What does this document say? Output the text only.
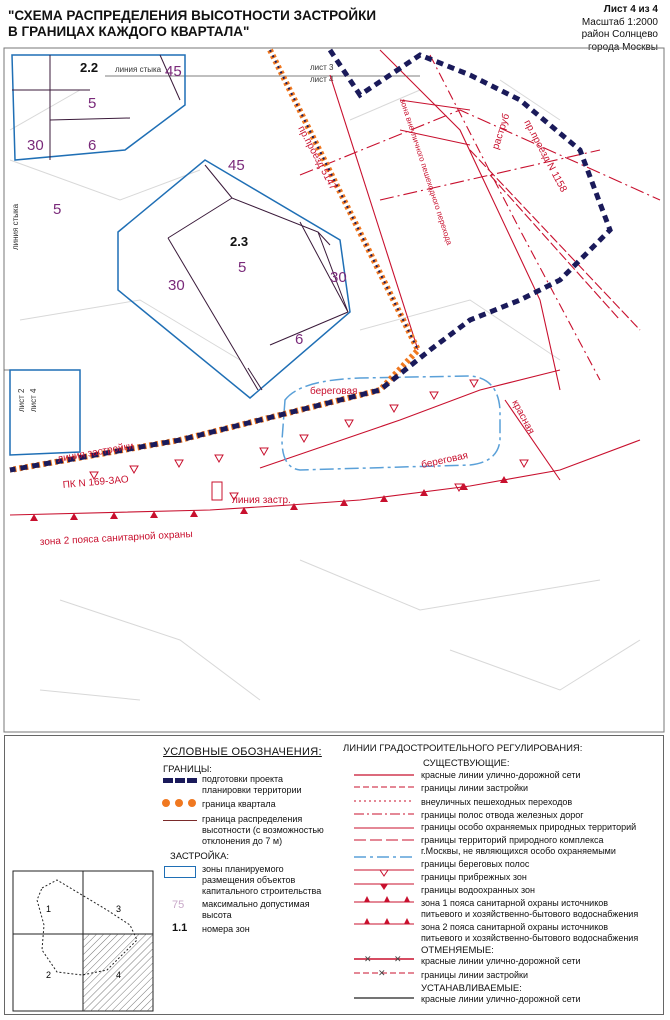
"СХЕМА РАСПРЕДЕЛЕНИЯ ВЫСОТНОСТИ ЗАСТРОЙКИ В ГРАНИЦАХ КАЖДОГО КВАРТАЛА"
Лист 4 из 4
Масштаб 1:2000
район Солнцево
города Москвы
45
5
30	6
5
45
5
30	30
6
2.2
2.3
линия стыка	лист 3
лист 4
линия стыка
лист 2 лист 4
пр.проезд 5147	пр.проезд N 1158
раструб
зона внеуличного пешеходного перехода
береговая
береговая
красная
линия застройки
линия застр.
ПК N 169-ЗАО
зона 2 пояса санитарной охраны
УСЛОВНЫЕ ОБОЗНАЧЕНИЯ:
ГРАНИЦЫ:
подготовки проекта
планировки территории
граница квартала
граница распределения
высотности (с возможностью
отклонения до 7 м)
ЗАСТРОЙКА:
зоны планируемого
размещения объектов
капитального строительства
75 максимально допустимая
высота
1.1 номера зон
ЛИНИИ ГРАДОСТРОИТЕЛЬНОГО РЕГУЛИРОВАНИЯ:
СУЩЕСТВУЮЩИЕ:
✕ ✕
✕
красные линии улично-дорожной сети
границы линии застройки
внеуличных пешеходных переходов
границы полос отвода железных дорог
границы особо охраняемых природных территорий
границы территорий природного комплекса
г.Москвы, не являющихся особо охраняемыми
границы береговых полос
границы прибрежных зон
границы водоохранных зон
зона 1 пояса санитарной охраны источников
питьевого и хозяйственно-бытового водоснабжения
зона 2 пояса санитарной охраны источников
питьевого и хозяйственно-бытового водоснабжения
ОТМЕНЯЕМЫЕ:
красные линии улично-дорожной сети
границы линии застройки
УСТАНАВЛИВАЕМЫЕ:
красные линии улично-дорожной сети
1
2
3
4
